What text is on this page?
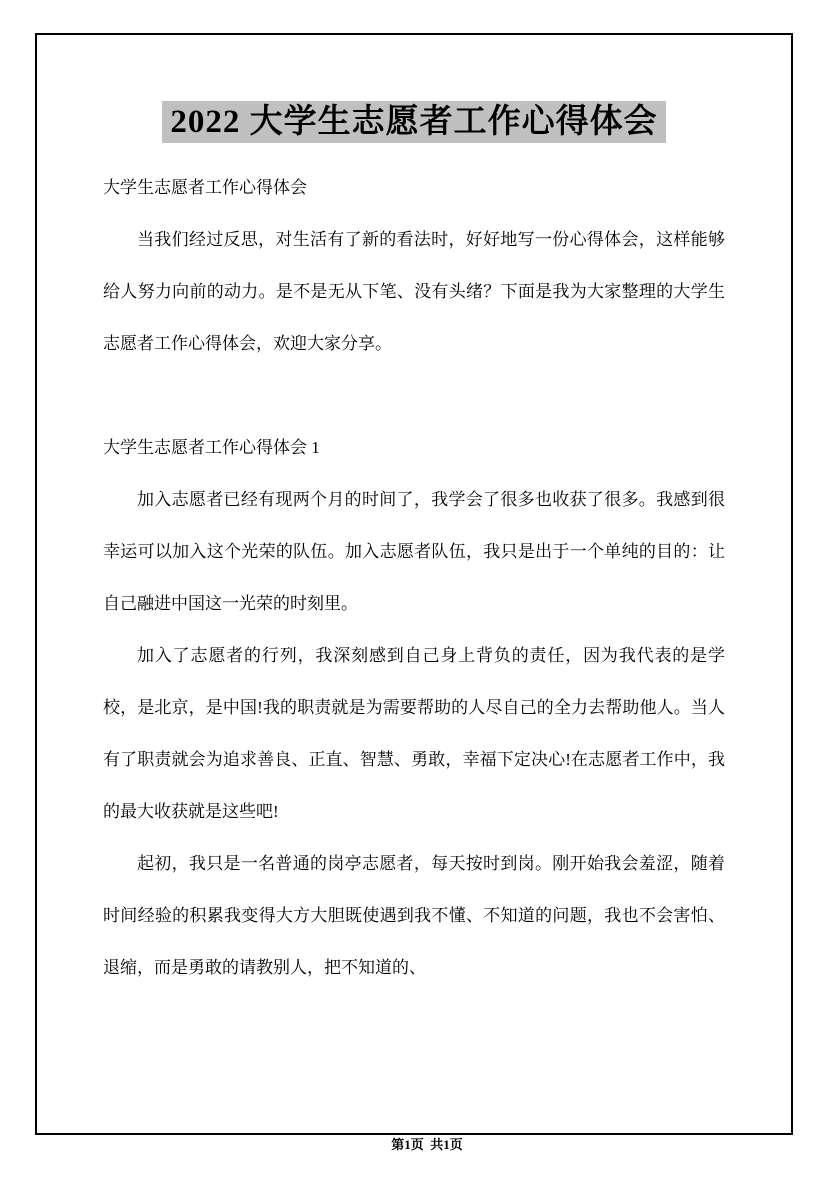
2022 大学生志愿者工作心得体会

大学生志愿者工作心得体会

当我们经过反思，对生活有了新的看法时，好好地写一份心得体会，这样能够给人努力向前的动力。是不是无从下笔、没有头绪？下面是我为大家整理的大学生志愿者工作心得体会，欢迎大家分享。

大学生志愿者工作心得体会 1

加入志愿者已经有现两个月的时间了，我学会了很多也收获了很多。我感到很幸运可以加入这个光荣的队伍。加入志愿者队伍，我只是出于一个单纯的目的：让自己融进中国这一光荣的时刻里。

加入了志愿者的行列，我深刻感到自己身上背负的责任，因为我代表的是学校，是北京，是中国!我的职责就是为需要帮助的人尽自己的全力去帮助他人。当人有了职责就会为追求善良、正直、智慧、勇敢，幸福下定决心!在志愿者工作中，我的最大收获就是这些吧!

起初，我只是一名普通的岗亭志愿者，每天按时到岗。刚开始我会羞涩，随着时间经验的积累我变得大方大胆既使遇到我不懂、不知道的问题，我也不会害怕、退缩，而是勇敢的请教别人，把不知道的、

第1页  共1页
